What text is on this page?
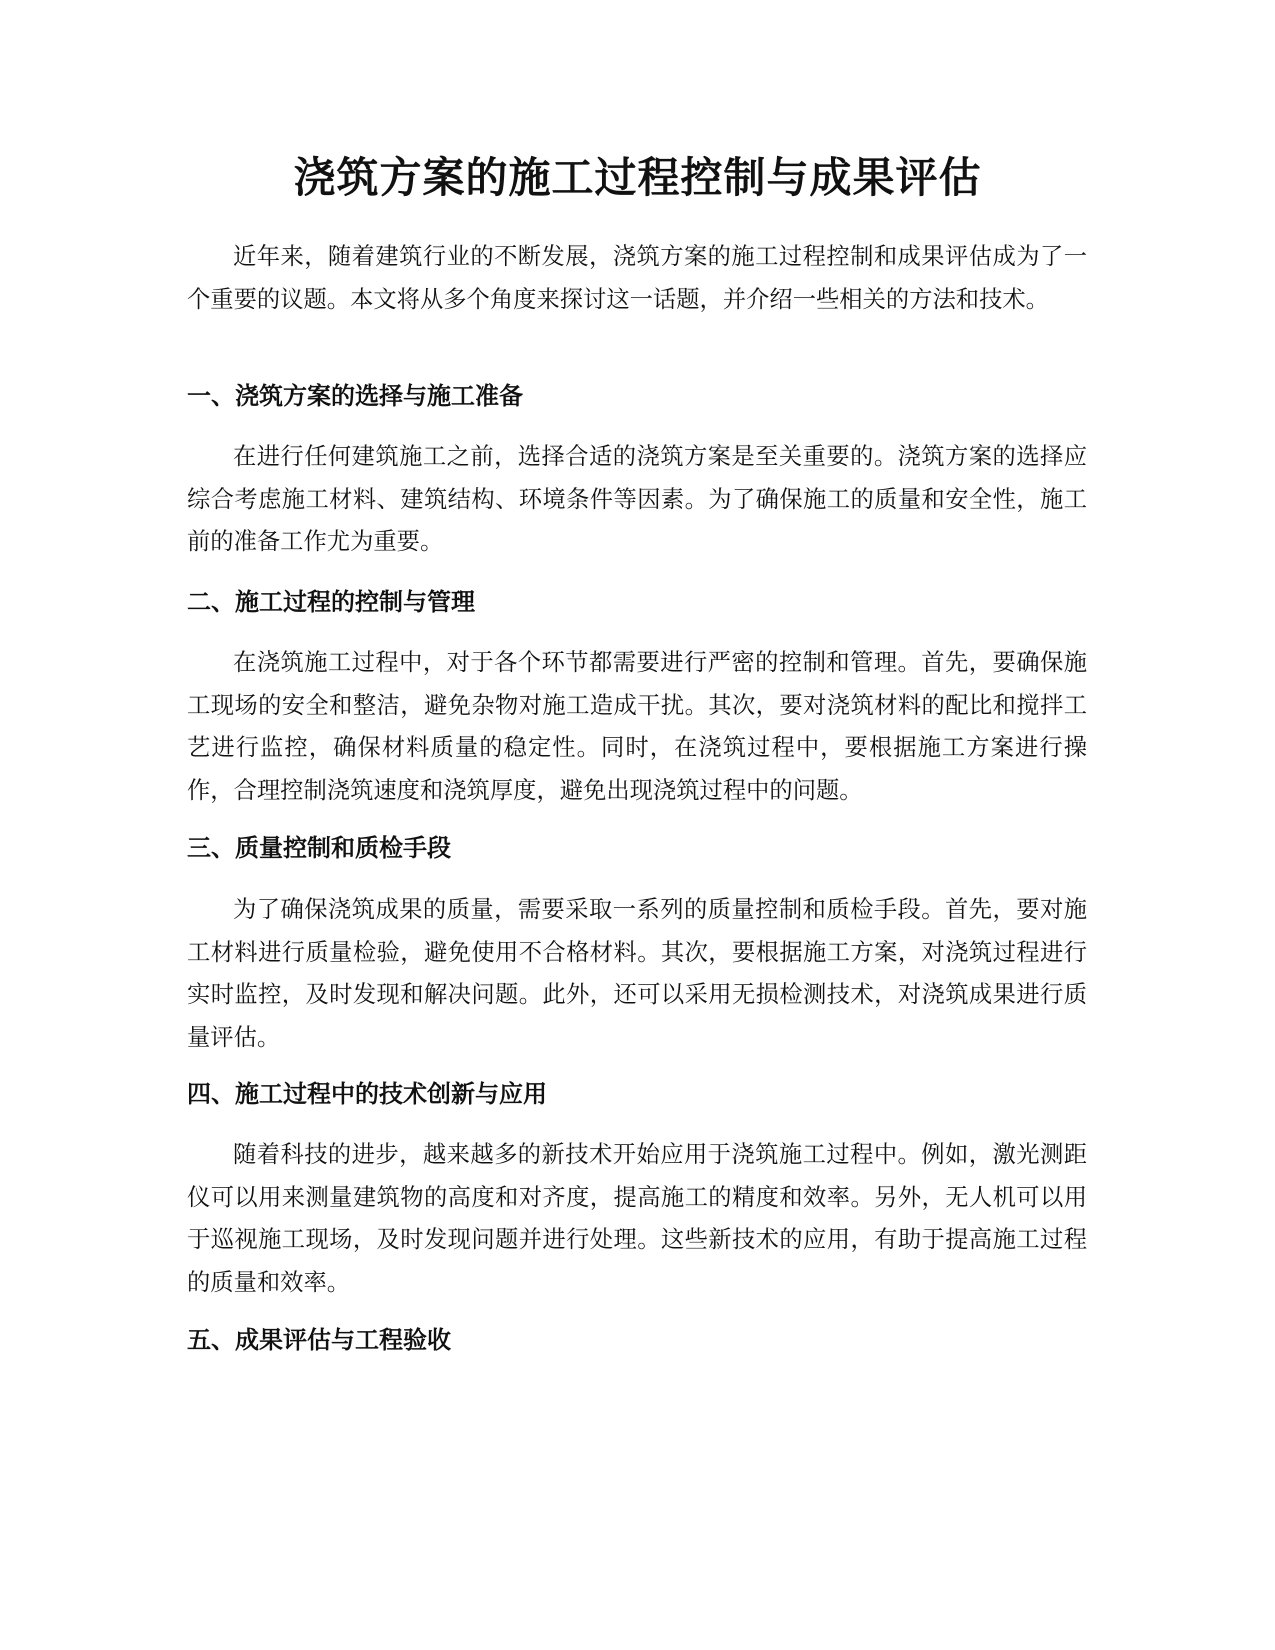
浇筑方案的施工过程控制与成果评估

近年来，随着建筑行业的不断发展，浇筑方案的施工过程控制和成果评估成为了一个重要的议题。本文将从多个角度来探讨这一话题，并介绍一些相关的方法和技术。

一、浇筑方案的选择与施工准备

在进行任何建筑施工之前，选择合适的浇筑方案是至关重要的。浇筑方案的选择应综合考虑施工材料、建筑结构、环境条件等因素。为了确保施工的质量和安全性，施工前的准备工作尤为重要。

二、施工过程的控制与管理

在浇筑施工过程中，对于各个环节都需要进行严密的控制和管理。首先，要确保施工现场的安全和整洁，避免杂物对施工造成干扰。其次，要对浇筑材料的配比和搅拌工艺进行监控，确保材料质量的稳定性。同时，在浇筑过程中，要根据施工方案进行操作，合理控制浇筑速度和浇筑厚度，避免出现浇筑过程中的问题。

三、质量控制和质检手段

为了确保浇筑成果的质量，需要采取一系列的质量控制和质检手段。首先，要对施工材料进行质量检验，避免使用不合格材料。其次，要根据施工方案，对浇筑过程进行实时监控，及时发现和解决问题。此外，还可以采用无损检测技术，对浇筑成果进行质量评估。

四、施工过程中的技术创新与应用

随着科技的进步，越来越多的新技术开始应用于浇筑施工过程中。例如，激光测距仪可以用来测量建筑物的高度和对齐度，提高施工的精度和效率。另外，无人机可以用于巡视施工现场，及时发现问题并进行处理。这些新技术的应用，有助于提高施工过程的质量和效率。

五、成果评估与工程验收
